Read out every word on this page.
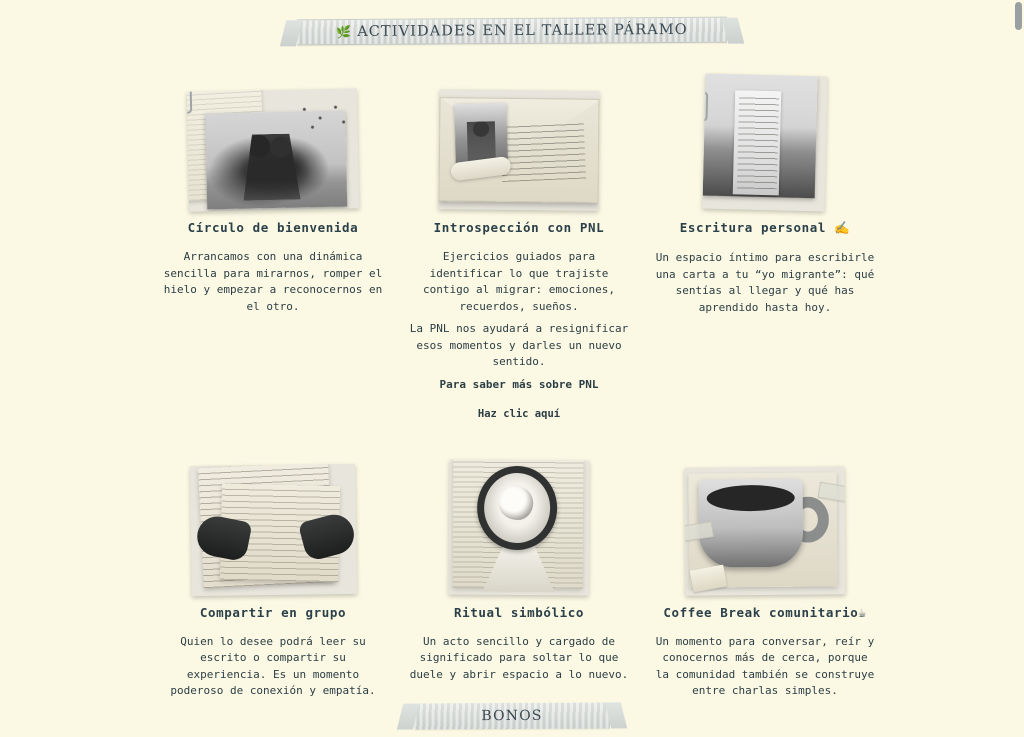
🌿 ACTIVIDADES EN EL TALLER PÁRAMO
Círculo de bienvenida

Arrancamos con una dinámica sencilla para mirarnos, romper el hielo y empezar a reconocernos en el otro.

Introspección con PNL

Ejercicios guiados para identificar lo que trajiste contigo al migrar: emociones, recuerdos, sueños.

La PNL nos ayudará a resignificar esos momentos y darles un nuevo sentido.

Para saber más sobre PNL
Haz clic aquí
Escritura personal ✍️

Un espacio íntimo para escribirle una carta a tu “yo migrante”: qué sentías al llegar y qué has aprendido hasta hoy.

Compartir en grupo

Quien lo desee podrá leer su escrito o compartir su experiencia. Es un momento poderoso de conexión y empatía.

Ritual simbólico

Un acto sencillo y cargado de significado para soltar lo que duele y abrir espacio a lo nuevo.

Coffee Break comunitario☕

Un momento para conversar, reír y conocernos más de cerca, porque la comunidad también se construye entre charlas simples.

BONOS
